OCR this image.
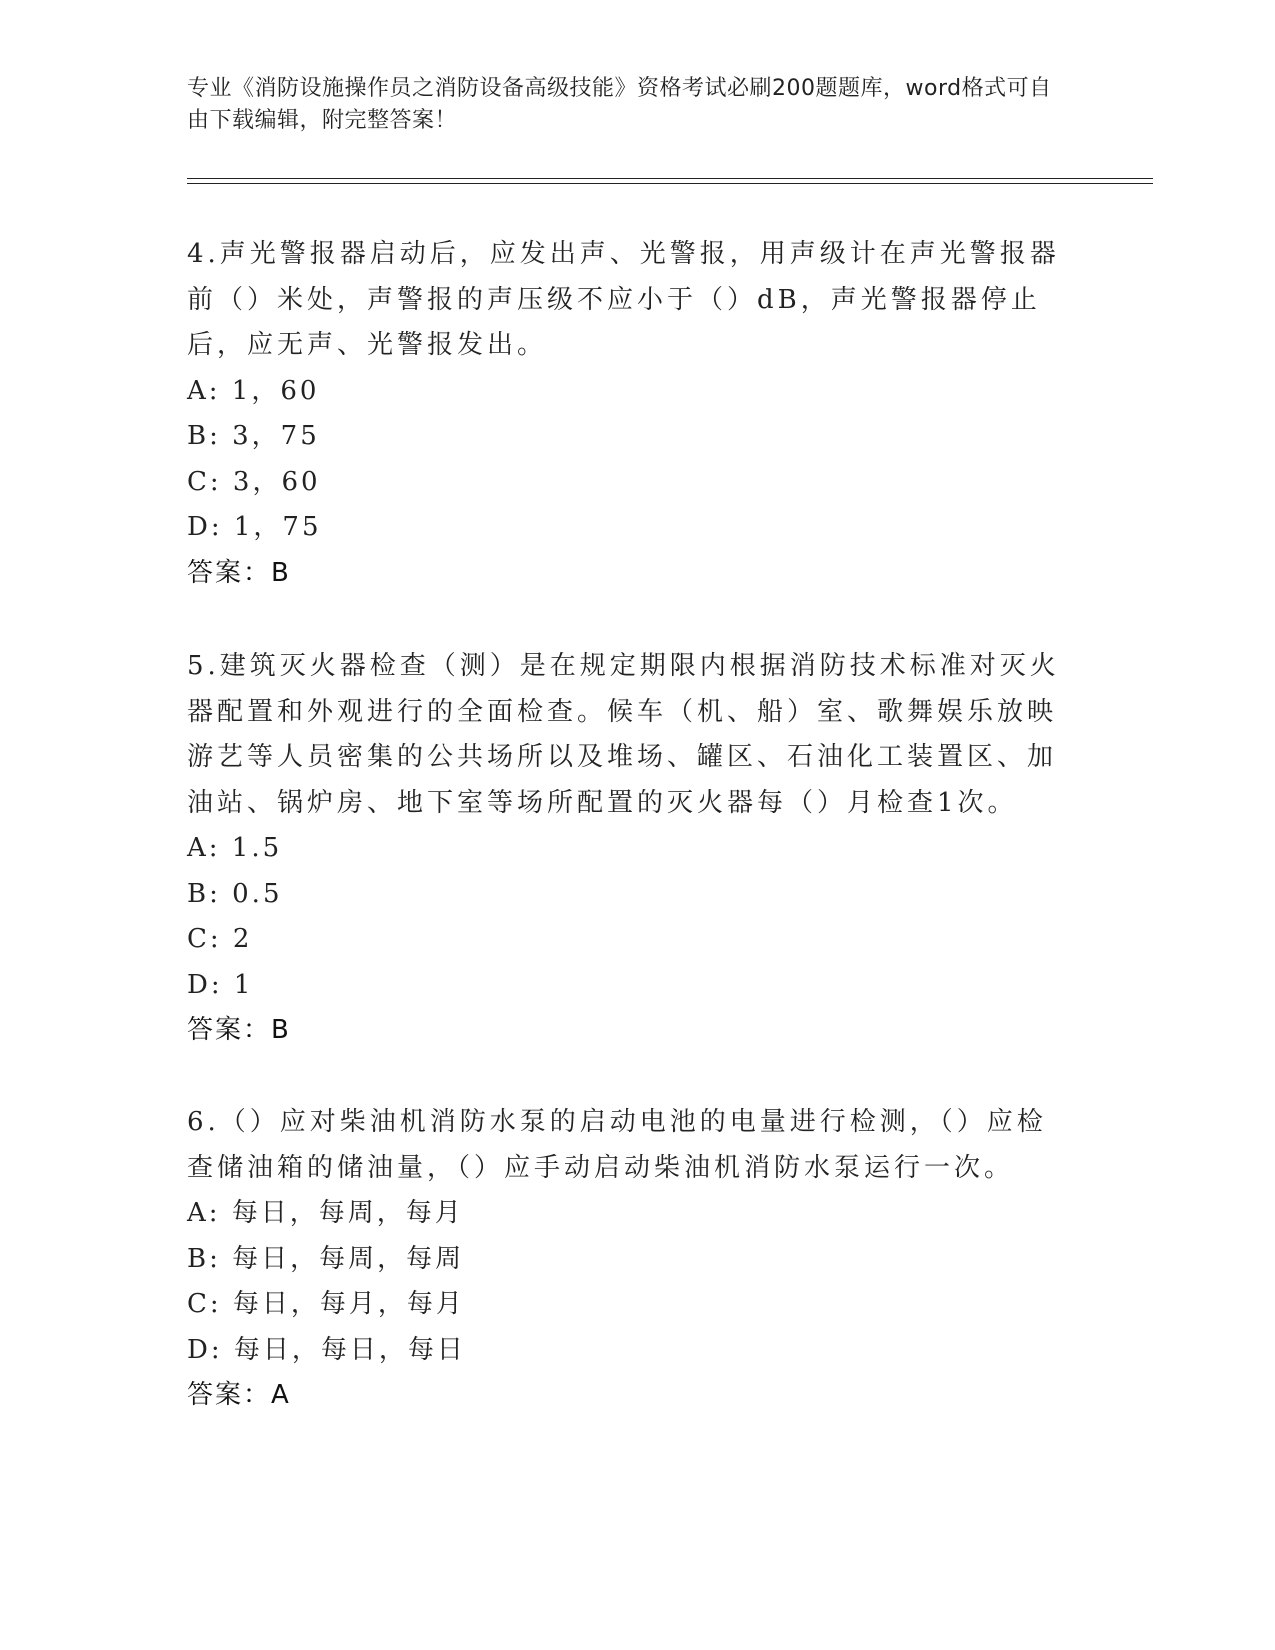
专业《消防设施操作员之消防设备高级技能》资格考试必刷200题题库，word格式可自由下载编辑，附完整答案！

4.声光警报器启动后，应发出声、光警报，用声级计在声光警报器前（）米处，声警报的声压级不应小于（）dB，声光警报器停止后，应无声、光警报发出。

A: 1，60

B: 3，75

C: 3，60

D: 1，75

答案：B

5.建筑灭火器检查（测）是在规定期限内根据消防技术标准对灭火器配置和外观进行的全面检查。候车（机、船）室、歌舞娱乐放映游艺等人员密集的公共场所以及堆场、罐区、石油化工装置区、加油站、锅炉房、地下室等场所配置的灭火器每（）月检查1次。

A: 1.5

B: 0.5

C: 2

D: 1

答案：B

6.（）应对柴油机消防水泵的启动电池的电量进行检测，（）应检查储油箱的储油量，（）应手动启动柴油机消防水泵运行一次。

A: 每日，每周，每月

B: 每日，每周，每周

C: 每日，每月，每月

D: 每日，每日，每日

答案：A
